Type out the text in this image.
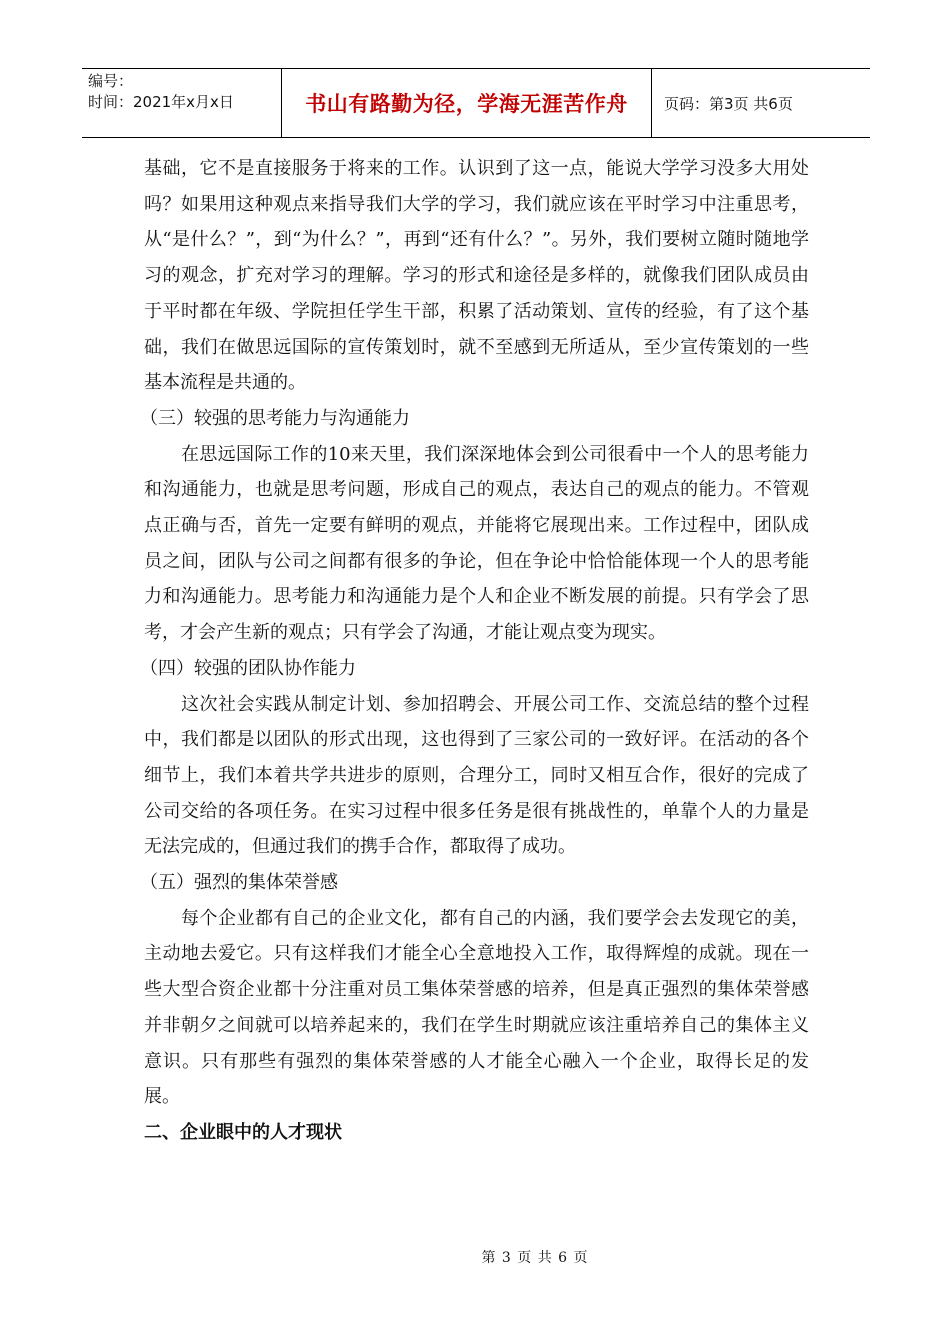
编号：
时间：2021年x月x日	书山有路勤为径，学海无涯苦作舟	页码：第3页 共6页

基础，它不是直接服务于将来的工作。认识到了这一点，能说大学学习没多大用处吗？如果用这种观点来指导我们大学的学习，我们就应该在平时学习中注重思考，从“是什么？”，到“为什么？”，再到“还有什么？”。另外，我们要树立随时随地学习的观念，扩充对学习的理解。学习的形式和途径是多样的，就像我们团队成员由于平时都在年级、学院担任学生干部，积累了活动策划、宣传的经验，有了这个基础，我们在做思远国际的宣传策划时，就不至感到无所适从，至少宣传策划的一些基本流程是共通的。

（三）较强的思考能力与沟通能力

在思远国际工作的10来天里，我们深深地体会到公司很看中一个人的思考能力和沟通能力，也就是思考问题，形成自己的观点，表达自己的观点的能力。不管观点正确与否，首先一定要有鲜明的观点，并能将它展现出来。工作过程中，团队成员之间，团队与公司之间都有很多的争论，但在争论中恰恰能体现一个人的思考能力和沟通能力。思考能力和沟通能力是个人和企业不断发展的前提。只有学会了思考，才会产生新的观点；只有学会了沟通，才能让观点变为现实。

（四）较强的团队协作能力

这次社会实践从制定计划、参加招聘会、开展公司工作、交流总结的整个过程中，我们都是以团队的形式出现，这也得到了三家公司的一致好评。在活动的各个细节上，我们本着共学共进步的原则，合理分工，同时又相互合作，很好的完成了公司交给的各项任务。在实习过程中很多任务是很有挑战性的，单靠个人的力量是无法完成的，但通过我们的携手合作，都取得了成功。

（五）强烈的集体荣誉感

每个企业都有自己的企业文化，都有自己的内涵，我们要学会去发现它的美，主动地去爱它。只有这样我们才能全心全意地投入工作，取得辉煌的成就。现在一些大型合资企业都十分注重对员工集体荣誉感的培养，但是真正强烈的集体荣誉感并非朝夕之间就可以培养起来的，我们在学生时期就应该注重培养自己的集体主义意识。只有那些有强烈的集体荣誉感的人才能全心融入一个企业，取得长足的发展。

二、企业眼中的人才现状

第 3 页 共 6 页
